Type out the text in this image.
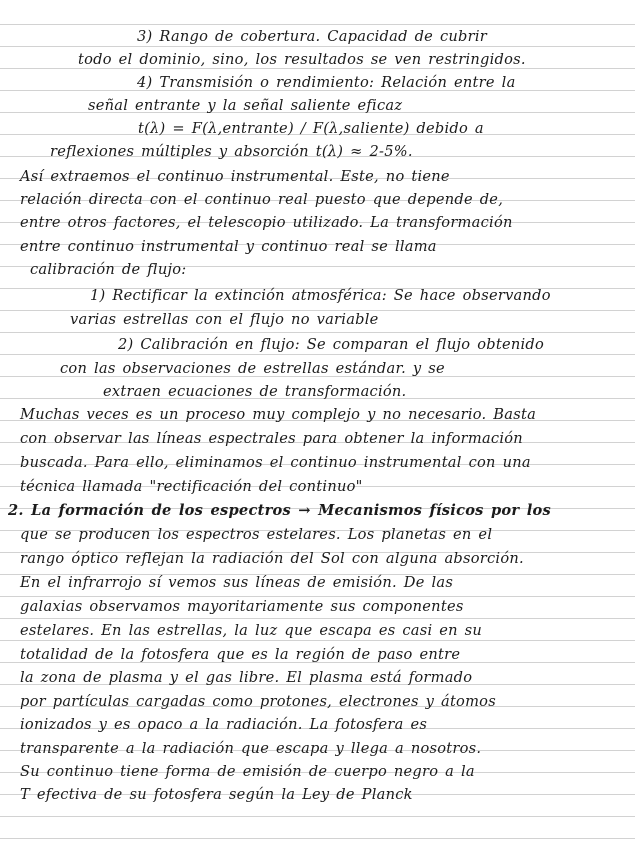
3) Rango de cobertura. Capacidad de cubrir
todo el dominio, sino, los resultados se ven restringidos.
4) Transmisión o rendimiento: Relación entre la
señal entrante y la señal saliente eficaz
t(λ) = F(λ,entrante) / F(λ,saliente) debido a
reflexiones múltiples y absorción t(λ) ≈ 2-5%.
Así extraemos el continuo instrumental. Este, no tiene
relación directa con el continuo real puesto que depende de,
entre otros factores, el telescopio utilizado. La transformación
entre continuo instrumental y continuo real se llama
calibración de flujo:
1) Rectificar la extinción atmosférica: Se hace observando
varias estrellas con el flujo no variable
2) Calibración en flujo: Se comparan el flujo obtenido
con las observaciones de estrellas estándar. y se
extraen ecuaciones de transformación.
Muchas veces es un proceso muy complejo y no necesario. Basta
con observar las líneas espectrales para obtener la información
buscada. Para ello, eliminamos el continuo instrumental con una
técnica llamada "rectificación del continuo"
2. La formación de los espectros → Mecanismos físicos por los
que se producen los espectros estelares. Los planetas en el
rango óptico reflejan la radiación del Sol con alguna absorción.
En el infrarrojo sí vemos sus líneas de emisión. De las
galaxias observamos mayoritariamente sus componentes
estelares. En las estrellas, la luz que escapa es casi en su
totalidad de la fotosfera que es la región de paso entre
la zona de plasma y el gas libre. El plasma está formado
por partículas cargadas como protones, electrones y átomos
ionizados y es opaco a la radiación. La fotosfera es
transparente a la radiación que escapa y llega a nosotros.
Su continuo tiene forma de emisión de cuerpo negro a la
T efectiva de su fotosfera según la Ley de Planck
